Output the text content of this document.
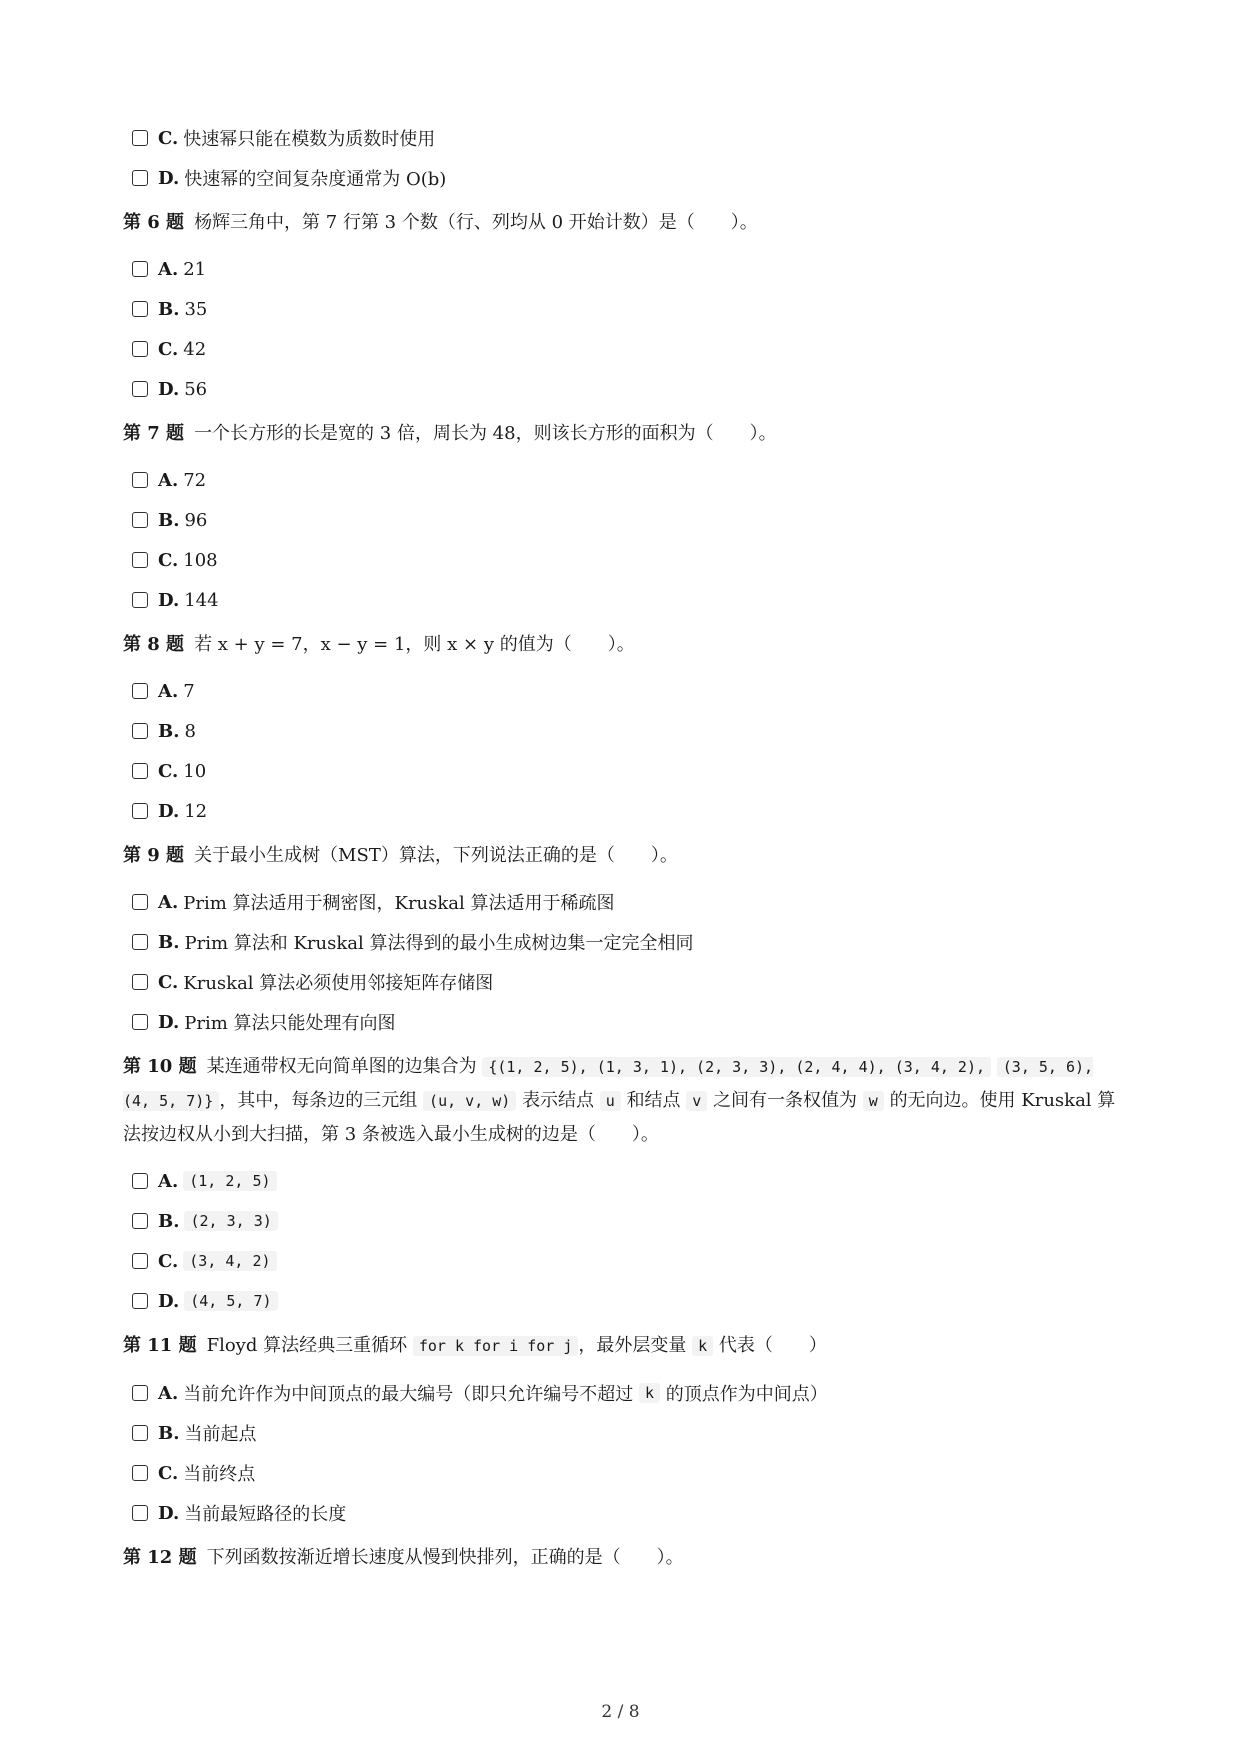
C. 快速幂只能在模数为质数时使用
D. 快速幂的空间复杂度通常为 O(b)
第 6 题 杨辉三角中，第 7 行第 3 个数（行、列均从 0 开始计数）是（　　）。
A. 21
B. 35
C. 42
D. 56
第 7 题 一个长方形的长是宽的 3 倍，周长为 48，则该长方形的面积为（　　）。
A. 72
B. 96
C. 108
D. 144
第 8 题 若 x + y = 7，x − y = 1，则 x × y 的值为（　　）。
A. 7
B. 8
C. 10
D. 12
第 9 题 关于最小生成树（MST）算法，下列说法正确的是（　　）。
A. Prim 算法适用于稠密图，Kruskal 算法适用于稀疏图
B. Prim 算法和 Kruskal 算法得到的最小生成树边集一定完全相同
C. Kruskal 算法必须使用邻接矩阵存储图
D. Prim 算法只能处理有向图
第 10 题 某连通带权无向简单图的边集合为 {(1, 2, 5), (1, 3, 1), (2, 3, 3), (2, 4, 4), (3, 4, 2), (3, 5, 6), (4, 5, 7)} ，其中，每条边的三元组 (u, v, w) 表示结点 u 和结点 v 之间有一条权值为 w 的无向边。使用 Kruskal 算法按边权从小到大扫描，第 3 条被选入最小生成树的边是（　　）。
A. (1, 2, 5)
B. (2, 3, 3)
C. (3, 4, 2)
D. (4, 5, 7)
第 11 题 Floyd 算法经典三重循环 for k for i for j ，最外层变量 k 代表（　　）
A. 当前允许作为中间顶点的最大编号（即只允许编号不超过
k
的顶点作为中间点）
B. 当前起点
C. 当前终点
D. 当前最短路径的长度
第 12 题 下列函数按渐近增长速度从慢到快排列，正确的是（　　）。
2 / 8
